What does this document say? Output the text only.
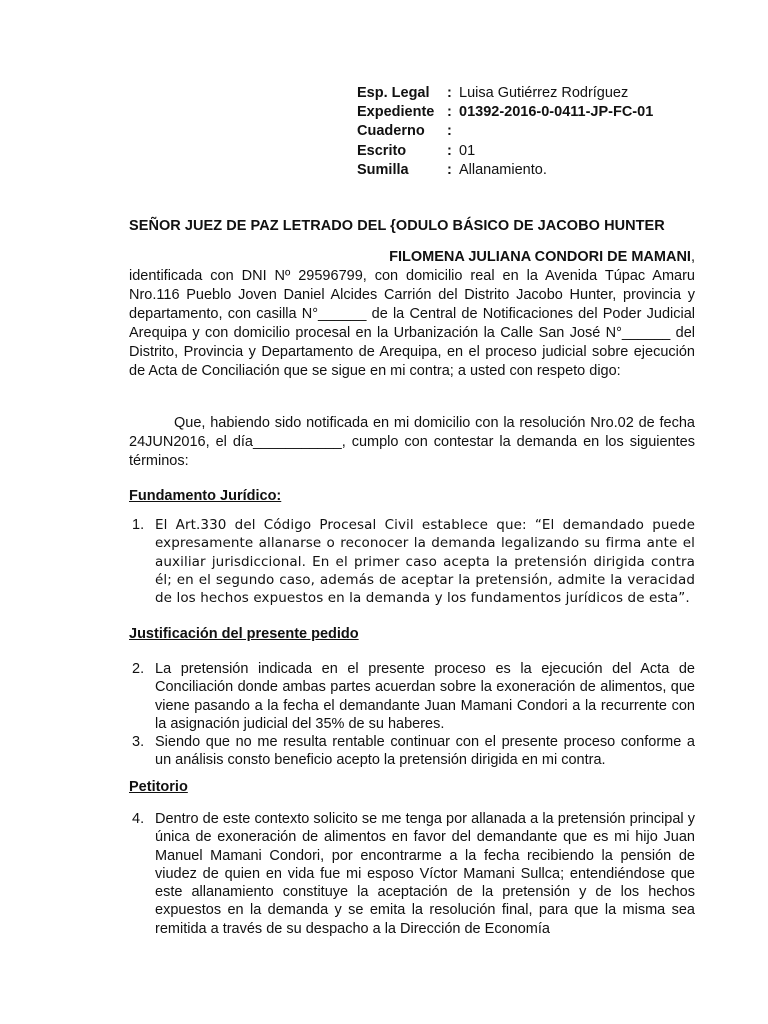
Esp. Legal	:	Luisa Gutiérrez Rodríguez
Expediente	:	01392-2016-0-0411-JP-FC-01
Cuaderno	:	
Escrito	:	01
Sumilla	:	Allanamiento.
SEÑOR JUEZ DE PAZ LETRADO DEL {ODULO BÁSICO DE JACOBO HUNTER
FILOMENA JULIANA CONDORI DE MAMANI,
identificada con DNI Nº 29596799, con domicilio real en la Avenida Túpac Amaru Nro.116 Pueblo Joven Daniel Alcides Carrión del Distrito Jacobo Hunter, provincia y departamento, con casilla N°______ de la Central de Notificaciones del Poder Judicial Arequipa y con domicilio procesal en la Urbanización la Calle San José N°______ del Distrito, Provincia y Departamento de Arequipa, en el proceso judicial sobre ejecución de Acta de Conciliación que se sigue en mi contra; a usted con respeto digo:
Que, habiendo sido notificada en mi domicilio con la resolución Nro.02 de fecha 24JUN2016, el día___________, cumplo con contestar la demanda en los siguientes términos:
Fundamento Jurídico:
1. El Art.330 del Código Procesal Civil establece que: “El demandado puede expresamente allanarse o reconocer la demanda legalizando su firma ante el auxiliar jurisdiccional. En el primer caso acepta la pretensión dirigida contra él; en el segundo caso, además de aceptar la pretensión, admite la veracidad de los hechos expuestos en la demanda y los fundamentos jurídicos de esta”.
Justificación del presente pedido
2. La pretensión indicada en el presente proceso es la ejecución del Acta de Conciliación donde ambas partes acuerdan sobre la exoneración de alimentos, que viene pasando a la fecha el demandante Juan Mamani Condori a la recurrente con la asignación judicial del 35% de su haberes.
3. Siendo que no me resulta rentable continuar con el presente proceso conforme a un análisis consto beneficio acepto la pretensión dirigida en mi contra.
Petitorio
4. Dentro de este contexto solicito se me tenga por allanada a la pretensión principal y única de exoneración de alimentos en favor del demandante que es mi hijo Juan Manuel Mamani Condori, por encontrarme a la fecha recibiendo la pensión de viudez de quien en vida fue mi esposo Víctor Mamani Sullca; entendiéndose que este allanamiento constituye la aceptación de la pretensión y de los hechos expuestos en la demanda y se emita la resolución final, para que la misma sea remitida a través de su despacho a la Dirección de Economía
